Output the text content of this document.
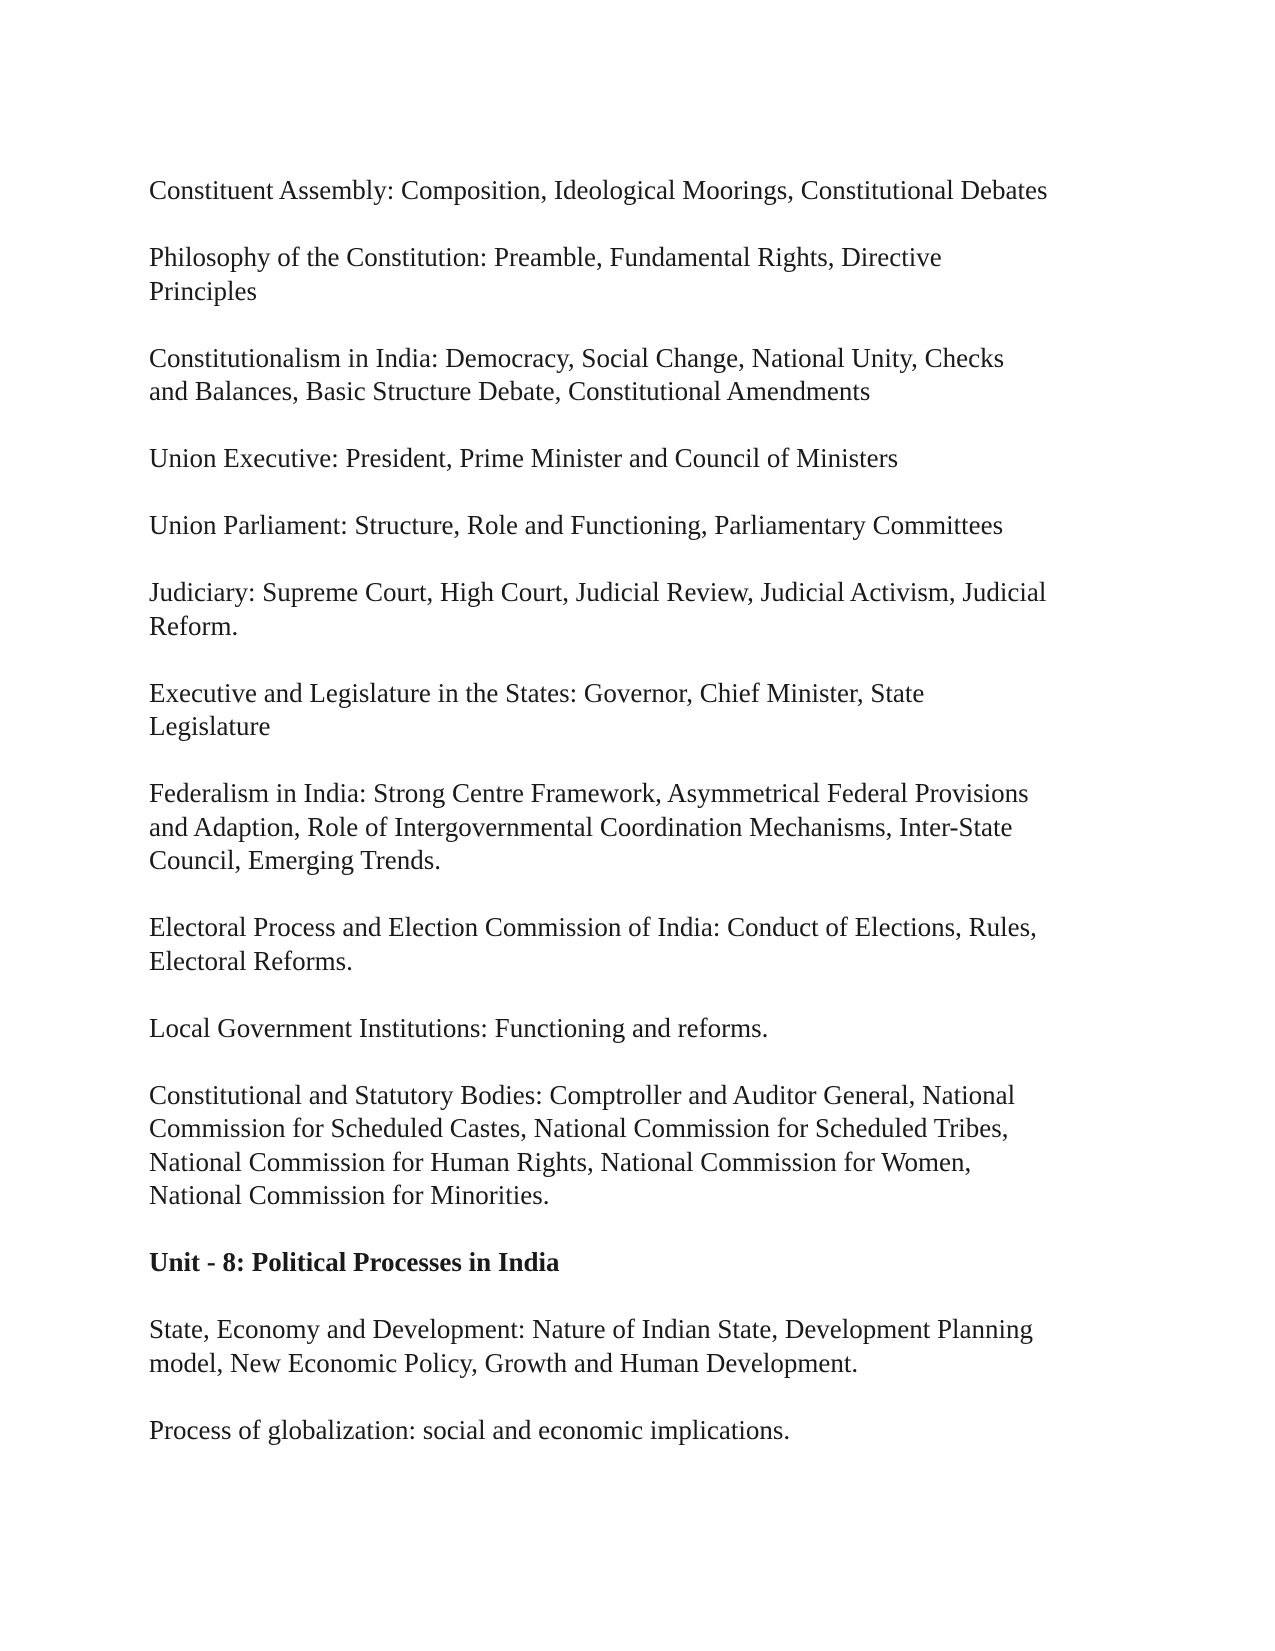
Constituent Assembly: Composition, Ideological Moorings, Constitutional Debates
Philosophy of the Constitution: Preamble, Fundamental Rights, Directive
Principles
Constitutionalism in India: Democracy, Social Change, National Unity, Checks
and Balances, Basic Structure Debate, Constitutional Amendments
Union Executive: President, Prime Minister and Council of Ministers
Union Parliament: Structure, Role and Functioning, Parliamentary Committees
Judiciary: Supreme Court, High Court, Judicial Review, Judicial Activism, Judicial
Reform.
Executive and Legislature in the States: Governor, Chief Minister, State
Legislature
Federalism in India: Strong Centre Framework, Asymmetrical Federal Provisions
and Adaption, Role of Intergovernmental Coordination Mechanisms, Inter-State
Council, Emerging Trends.
Electoral Process and Election Commission of India: Conduct of Elections, Rules,
Electoral Reforms.
Local Government Institutions: Functioning and reforms.
Constitutional and Statutory Bodies: Comptroller and Auditor General, National
Commission for Scheduled Castes, National Commission for Scheduled Tribes,
National Commission for Human Rights, National Commission for Women,
National Commission for Minorities.
Unit - 8: Political Processes in India
State, Economy and Development: Nature of Indian State, Development Planning
model, New Economic Policy, Growth and Human Development.
Process of globalization: social and economic implications.
